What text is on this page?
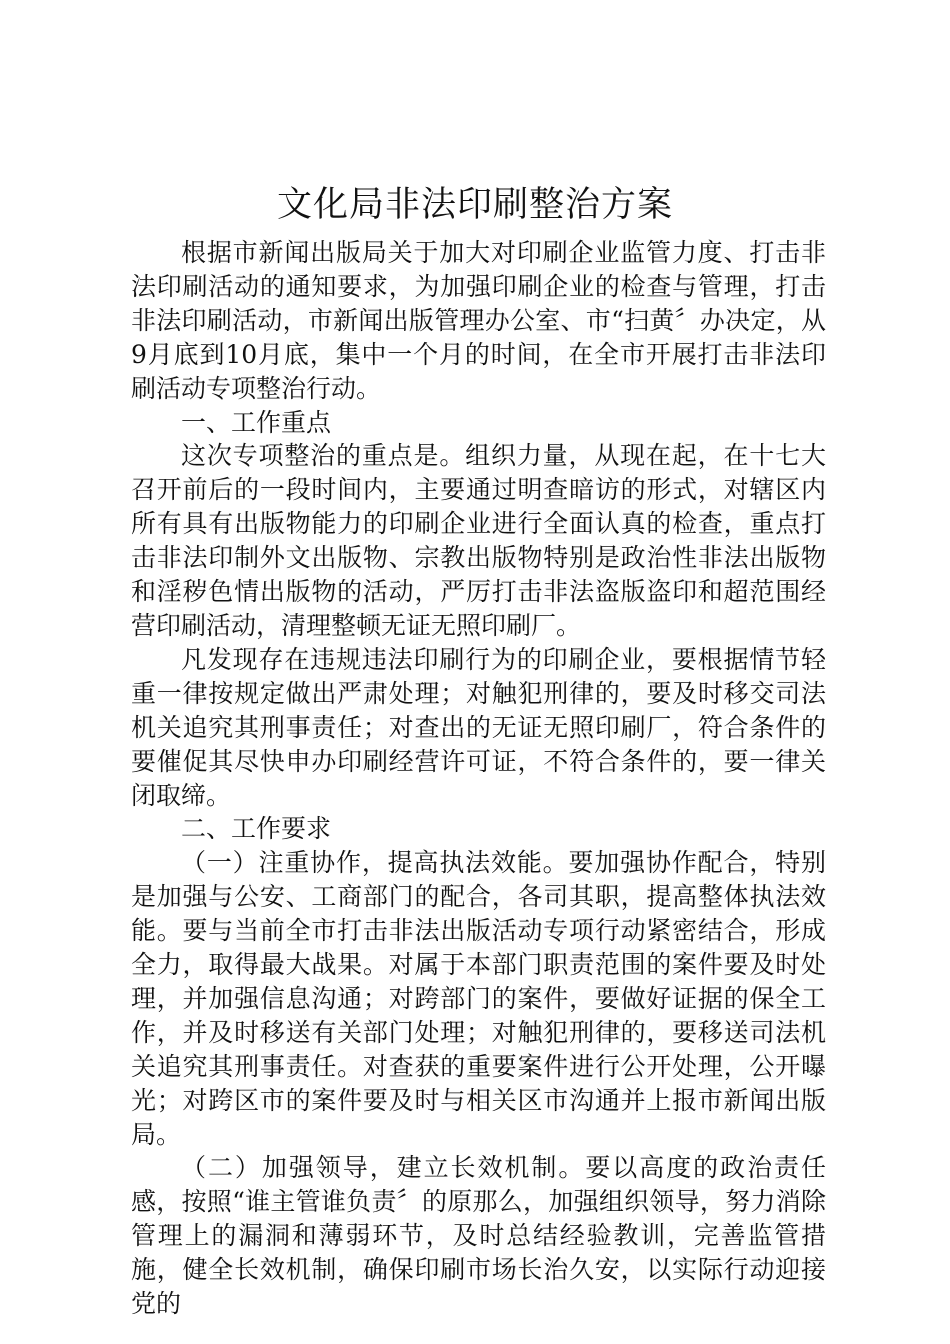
文化局非法印刷整治方案

根据市新闻出版局关于加大对印刷企业监管力度、打击非法印刷活动的通知要求，为加强印刷企业的检查与管理，打击非法印刷活动，市新闻出版管理办公室、市“扫黄〞办决定，从9月底到10月底，集中一个月的时间，在全市开展打击非法印刷活动专项整治行动。

一、工作重点

这次专项整治的重点是。组织力量，从现在起，在十七大召开前后的一段时间内，主要通过明查暗访的形式，对辖区内所有具有出版物能力的印刷企业进行全面认真的检查，重点打击非法印制外文出版物、宗教出版物特别是政治性非法出版物和淫秽色情出版物的活动，严厉打击非法盗版盗印和超范围经营印刷活动，清理整顿无证无照印刷厂。

凡发现存在违规违法印刷行为的印刷企业，要根据情节轻重一律按规定做出严肃处理；对触犯刑律的，要及时移交司法机关追究其刑事责任；对查出的无证无照印刷厂，符合条件的要催促其尽快申办印刷经营许可证，不符合条件的，要一律关闭取缔。

二、工作要求

（一）注重协作，提高执法效能。要加强协作配合，特别是加强与公安、工商部门的配合，各司其职，提高整体执法效能。要与当前全市打击非法出版活动专项行动紧密结合，形成全力，取得最大战果。对属于本部门职责范围的案件要及时处理，并加强信息沟通；对跨部门的案件，要做好证据的保全工作，并及时移送有关部门处理；对触犯刑律的，要移送司法机关追究其刑事责任。对查获的重要案件进行公开处理，公开曝光；对跨区市的案件要及时与相关区市沟通并上报市新闻出版局。

（二）加强领导，建立长效机制。要以高度的政治责任感，按照“谁主管谁负责〞的原那么，加强组织领导，努力消除管理上的漏洞和薄弱环节，及时总结经验教训，完善监管措施，健全长效机制，确保印刷市场长治久安，以实际行动迎接党的
